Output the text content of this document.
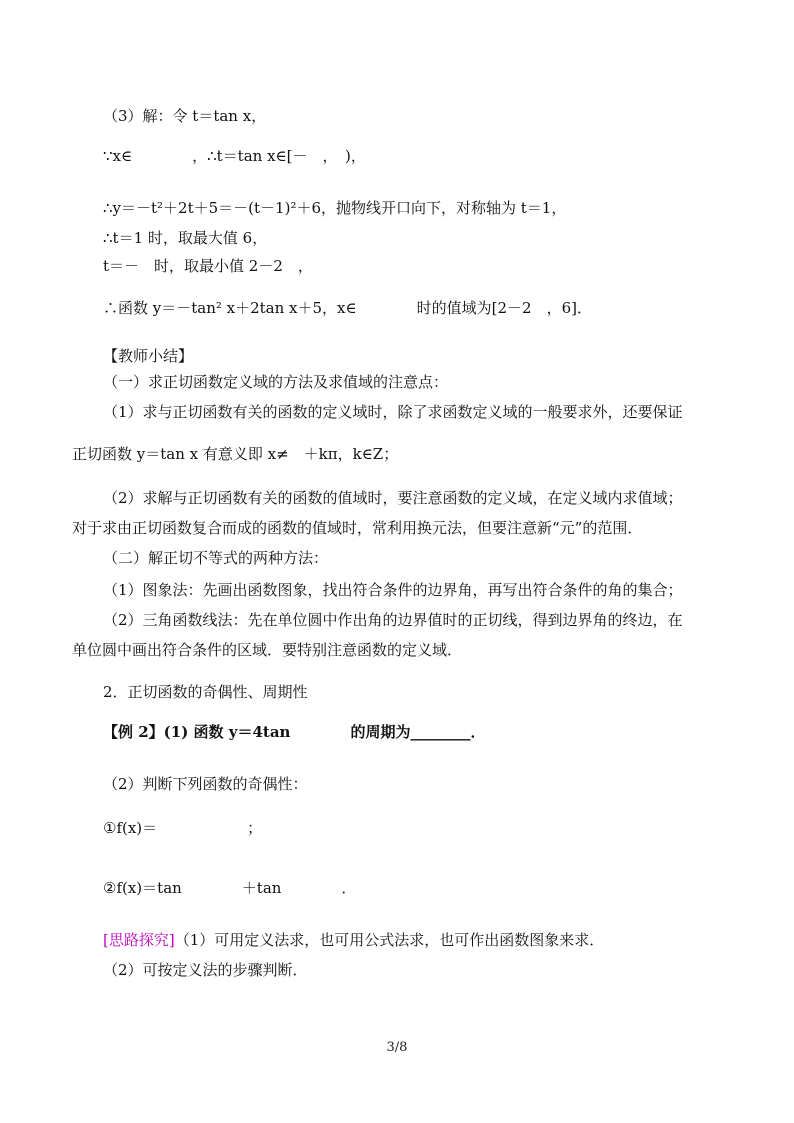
（3）解：令 t＝tan x，
∵x∈　　　　，∴t＝tan x∈[－　，　)，
∴y＝－t²＋2t＋5＝－(t－1)²＋6，抛物线开口向下，对称轴为 t＝1，
∴t＝1 时，取最大值 6，
t＝－　时，取最小值 2－2　，
∴函数 y＝－tan² x＋2tan x＋5，x∈　　　　时的值域为[2－2　，6]．
【教师小结】
（一）求正切函数定义域的方法及求值域的注意点：
（1）求与正切函数有关的函数的定义域时，除了求函数定义域的一般要求外，还要保证
正切函数 y＝tan x 有意义即 x≠　＋kπ，k∈Z；
（2）求解与正切函数有关的函数的值域时，要注意函数的定义域，在定义域内求值域；
对于求由正切函数复合而成的函数的值域时，常利用换元法，但要注意新“元”的范围．
（二）解正切不等式的两种方法：
（1）图象法：先画出函数图象，找出符合条件的边界角，再写出符合条件的角的集合；
（2）三角函数线法：先在单位圆中作出角的边界值时的正切线，得到边界角的终边，在
单位圆中画出符合条件的区域．要特别注意函数的定义域．
2．正切函数的奇偶性、周期性
【例 2】(1) 函数 y＝4tan　　　　的周期为________．
（2）判断下列函数的奇偶性：
①f(x)＝　　　　　　；
②f(x)＝tan　　　　＋tan　　　　．
[思路探究]（1）可用定义法求，也可用公式法求，也可作出函数图象来求．
（2）可按定义法的步骤判断．
3/8
